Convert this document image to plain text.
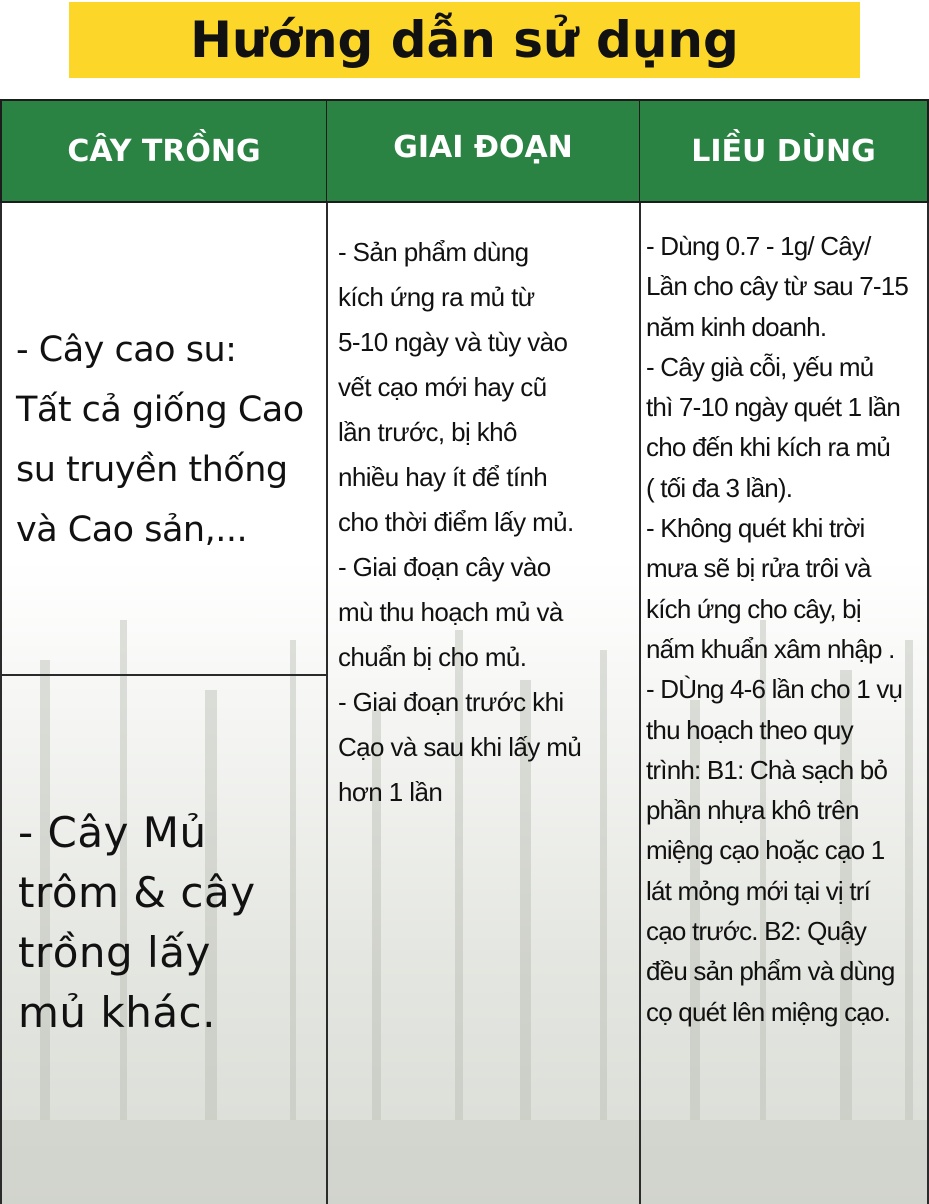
Hướng dẫn sử dụng
CÂY TRỒNG	GIAI ĐOẠN	LIỀU DÙNG
- Cây cao su:
Tất cả giống Cao
su truyền thống
và Cao sản,...
- Cây Mủ
trôm & cây
trồng lấy
mủ khác.
- Sản phẩm dùng
kích ứng ra mủ từ
5-10 ngày và tùy vào
vết cạo mới hay cũ
lần trước, bị khô
nhiều hay ít để tính
cho thời điểm lấy mủ.
- Giai đoạn cây vào
mù thu hoạch mủ và
chuẩn bị cho mủ.
- Giai đoạn trước khi
Cạo và sau khi lấy mủ
hơn 1 lần
- Dùng 0.7 - 1g/ Cây/
Lần cho cây từ sau 7-15
năm kinh doanh.
- Cây già cỗi, yếu mủ
thì 7-10 ngày quét 1 lần
cho đến khi kích ra mủ
( tối đa 3 lần).
- Không quét khi trời
mưa sẽ bị rửa trôi và
kích ứng cho cây, bị
nấm khuẩn xâm nhập .
- DÙng 4-6 lần cho 1 vụ
thu hoạch theo quy
trình: B1: Chà sạch bỏ
phần nhựa khô trên
miệng cạo hoặc cạo 1
lát mỏng mới tại vị trí
cạo trước. B2: Quậy
đều sản phẩm và dùng
cọ quét lên miệng cạo.
